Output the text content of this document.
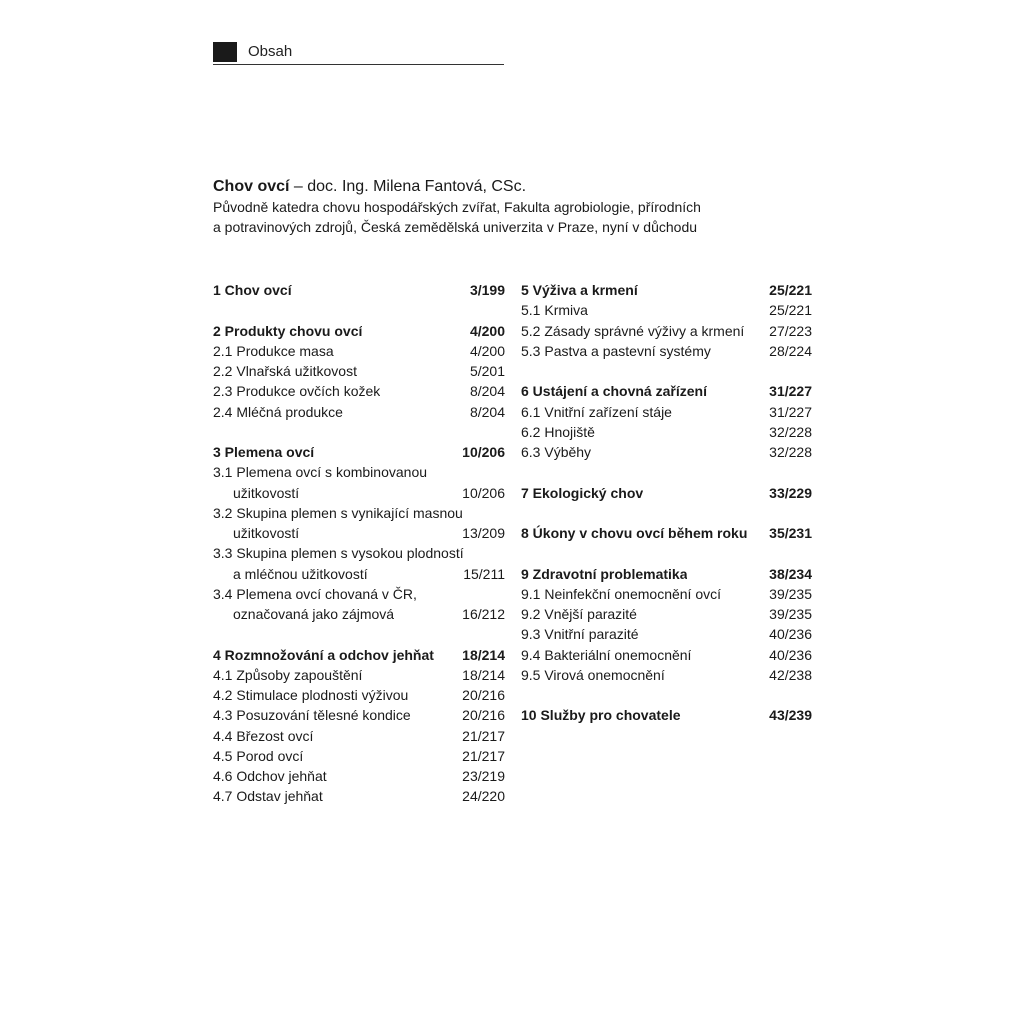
Obsah

Chov ovcí – doc. Ing. Milena Fantová, CSc.

Původně katedra chovu hospodářských zvířat, Fakulta agrobiologie, přírodních

a potravinových zdrojů, Česká zemědělská univerzita v Praze, nyní v důchodu

1 Chov ovcí	3/199
2 Produkty chovu ovcí	4/200
2.1 Produkce masa	4/200
2.2 Vlnařská užitkovost	5/201
2.3 Produkce ovčích kožek	8/204
2.4 Mléčná produkce	8/204
3 Plemena ovcí	10/206
3.1 Plemena ovcí s kombinovanou
užitkovostí	10/206
3.2 Skupina plemen s vynikající masnou
užitkovostí	13/209
3.3 Skupina plemen s vysokou plodností
a mléčnou užitkovostí	15/211
3.4 Plemena ovcí chovaná v ČR,
označovaná jako zájmová	16/212
4 Rozmnožování a odchov jehňat	18/214
4.1 Způsoby zapouštění	18/214
4.2 Stimulace plodnosti výživou	20/216
4.3 Posuzování tělesné kondice	20/216
4.4 Březost ovcí	21/217
4.5 Porod ovcí	21/217
4.6 Odchov jehňat	23/219
4.7 Odstav jehňat	24/220
5 Výživa a krmení	25/221
5.1 Krmiva	25/221
5.2 Zásady správné výživy a krmení	27/223
5.3 Pastva a pastevní systémy	28/224
6 Ustájení a chovná zařízení	31/227
6.1 Vnitřní zařízení stáje	31/227
6.2 Hnojiště	32/228
6.3 Výběhy	32/228
7 Ekologický chov	33/229
8 Úkony v chovu ovcí během roku	35/231
9 Zdravotní problematika	38/234
9.1 Neinfekční onemocnění ovcí	39/235
9.2 Vnější parazité	39/235
9.3 Vnitřní parazité	40/236
9.4 Bakteriální onemocnění	40/236
9.5 Virová onemocnění	42/238
10 Služby pro chovatele	43/239
